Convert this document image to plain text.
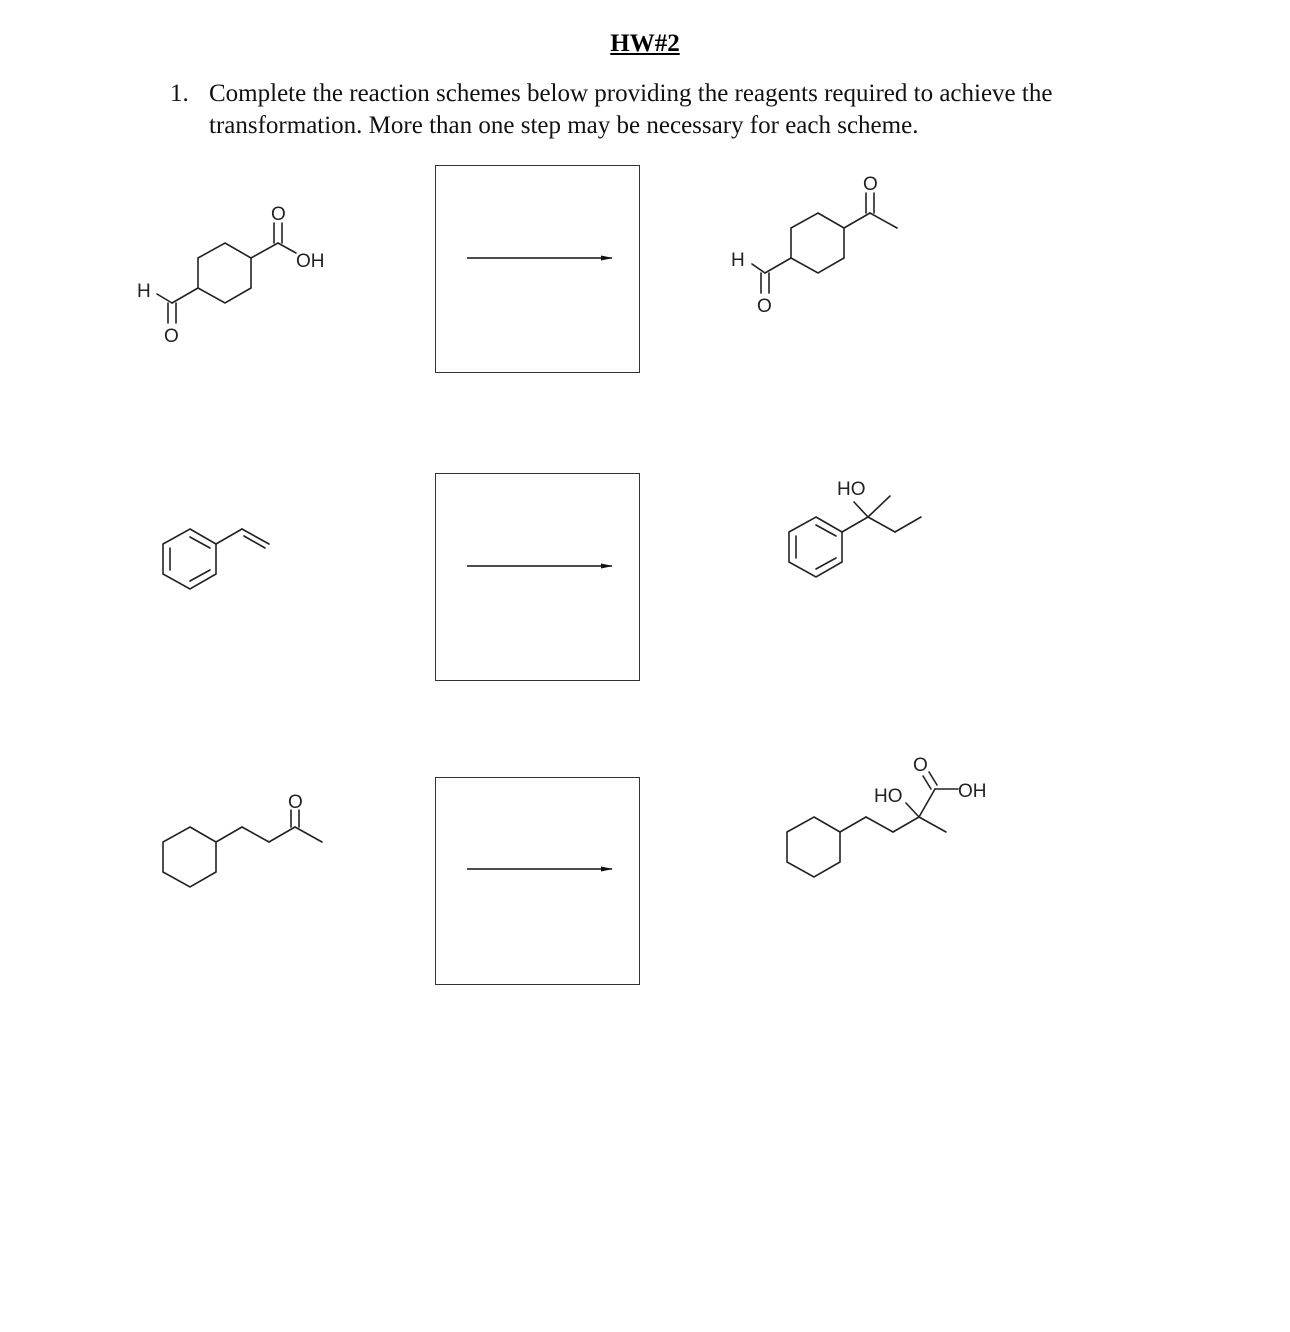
HW#2
1. Complete the reaction schemes below providing the reagents required to achieve the transformation. More than one step may be necessary for each scheme.
H
O
O
OH	H
O
O
HO
O
O
HO	OH
